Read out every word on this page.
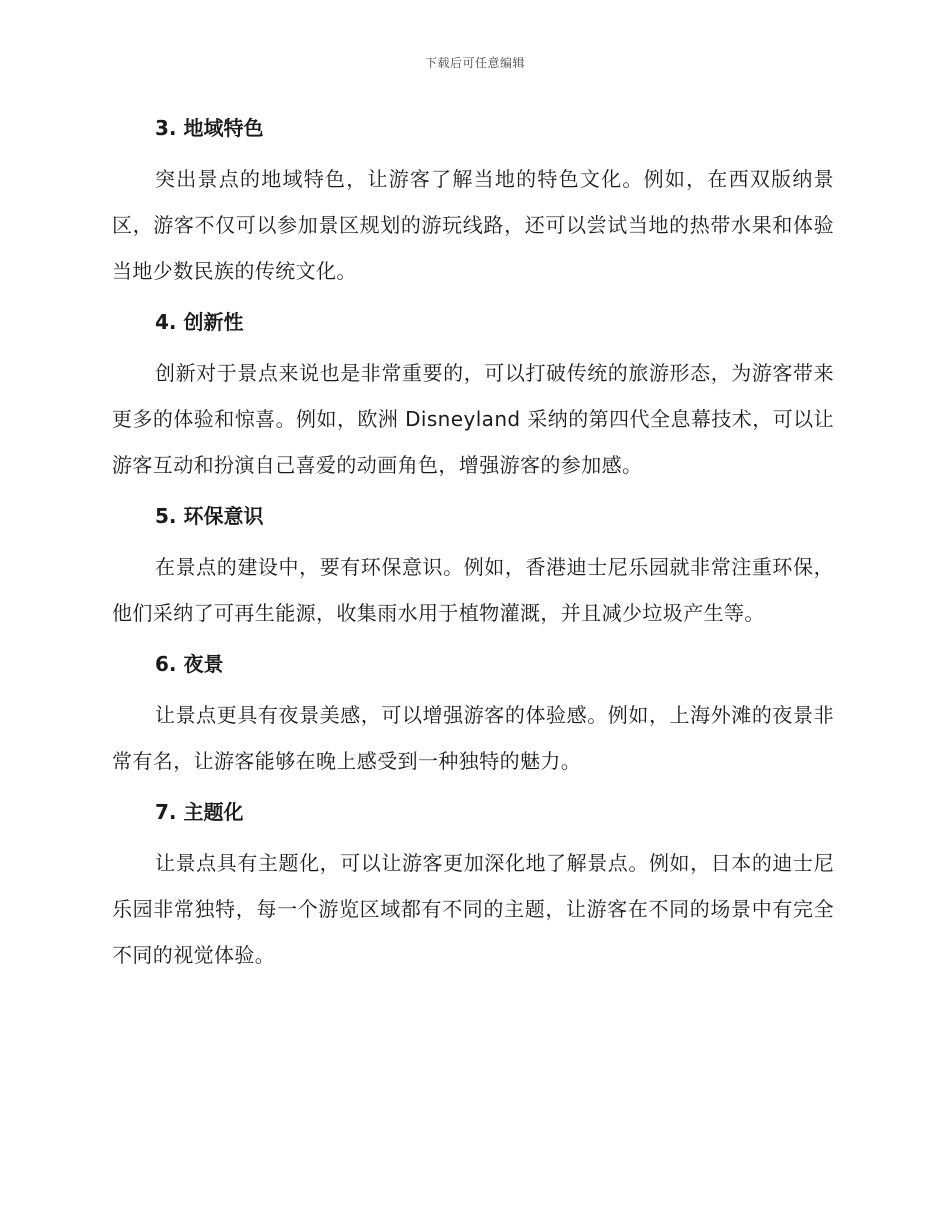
下载后可任意编辑
3. 地域特色
突出景点的地域特色，让游客了解当地的特色文化。例如，在西双版纳景区，游客不仅可以参加景区规划的游玩线路，还可以尝试当地的热带水果和体验当地少数民族的传统文化。
4. 创新性
创新对于景点来说也是非常重要的，可以打破传统的旅游形态，为游客带来更多的体验和惊喜。例如，欧洲 Disneyland 采纳的第四代全息幕技术，可以让游客互动和扮演自己喜爱的动画角色，增强游客的参加感。
5. 环保意识
在景点的建设中，要有环保意识。例如，香港迪士尼乐园就非常注重环保，他们采纳了可再生能源，收集雨水用于植物灌溉，并且减少垃圾产生等。
6. 夜景
让景点更具有夜景美感，可以增强游客的体验感。例如，上海外滩的夜景非常有名，让游客能够在晚上感受到一种独特的魅力。
7. 主题化
让景点具有主题化，可以让游客更加深化地了解景点。例如，日本的迪士尼乐园非常独特，每一个游览区域都有不同的主题，让游客在不同的场景中有完全不同的视觉体验。
